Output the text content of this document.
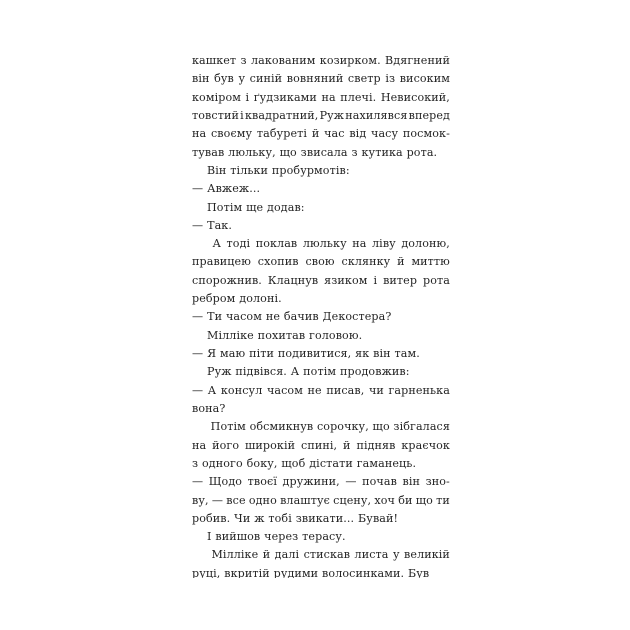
кашкет з лакованим козирком. Вдягнений
він був у синій вовняний светр із високим
коміром і ґудзиками на плечі. Невисокий,
товстий і квадратний, Руж нахилявся вперед
на своєму табуреті й час від часу посмок-
тував люльку, що звисала з кутика рота.

Він тільки пробурмотів:

— Авжеж...

Потім ще додав:

— Так.

А тоді поклав люльку на ліву долоню,
правицею схопив свою склянку й миттю
спорожнив. Клацнув язиком і витер рота
ребром долоні.

— Ти часом не бачив Декостера?

Мілліке похитав головою.

— Я маю піти подивитися, як він там.

Руж підвівся. А потім продовжив:

— А консул часом не писав, чи гарненька
вона?

Потім обсмикнув сорочку, що зібгалася
на його широкій спині, й підняв краєчок
з одного боку, щоб дістати гаманець.

— Щодо твоєї дружини, — почав він зно-
ву, — все одно влаштує сцену, хоч би що ти
робив. Чи ж тобі звикати... Бувай!

І вийшов через терасу.

Мілліке й далі стискав листа у великій
руці, вкритій рудими волосинками. Був
